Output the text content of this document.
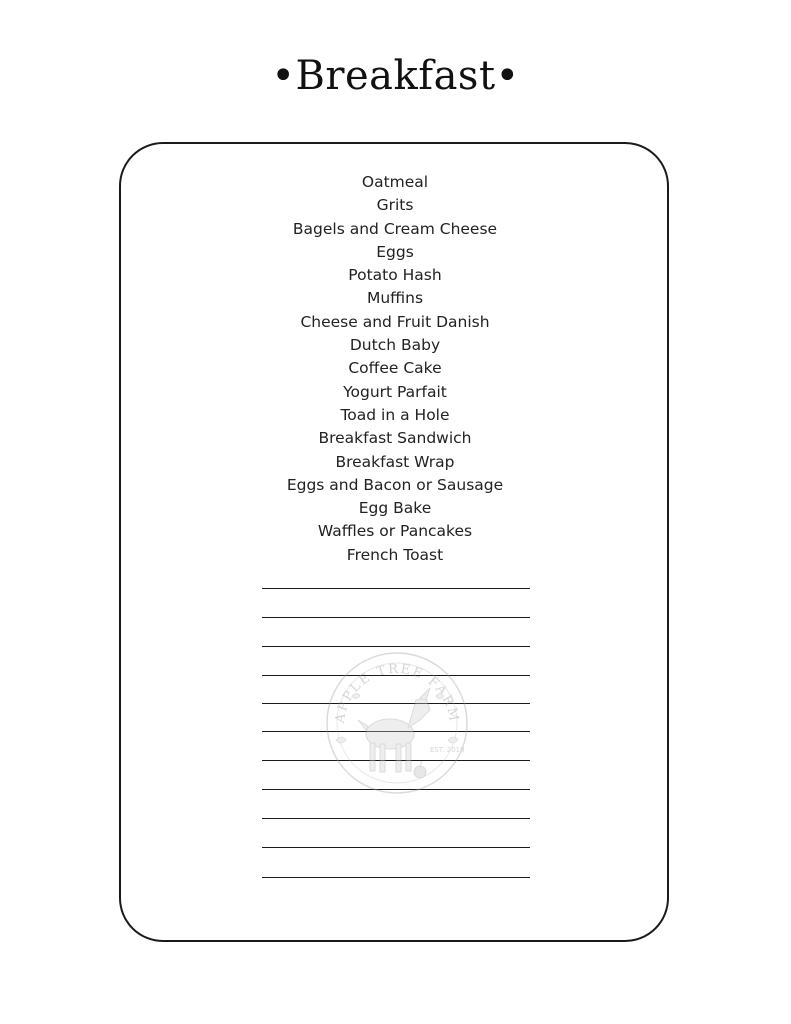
•Breakfast•
Oatmeal
Grits
Bagels and Cream Cheese
Eggs
Potato Hash
Muffins
Cheese and Fruit Danish
Dutch Baby
Coffee Cake
Yogurt Parfait
Toad in a Hole
Breakfast Sandwich
Breakfast Wrap
Eggs and Bacon or Sausage
Egg Bake
Waffles or Pancakes
French Toast
APPLE TREE FARM
EST. 2019
